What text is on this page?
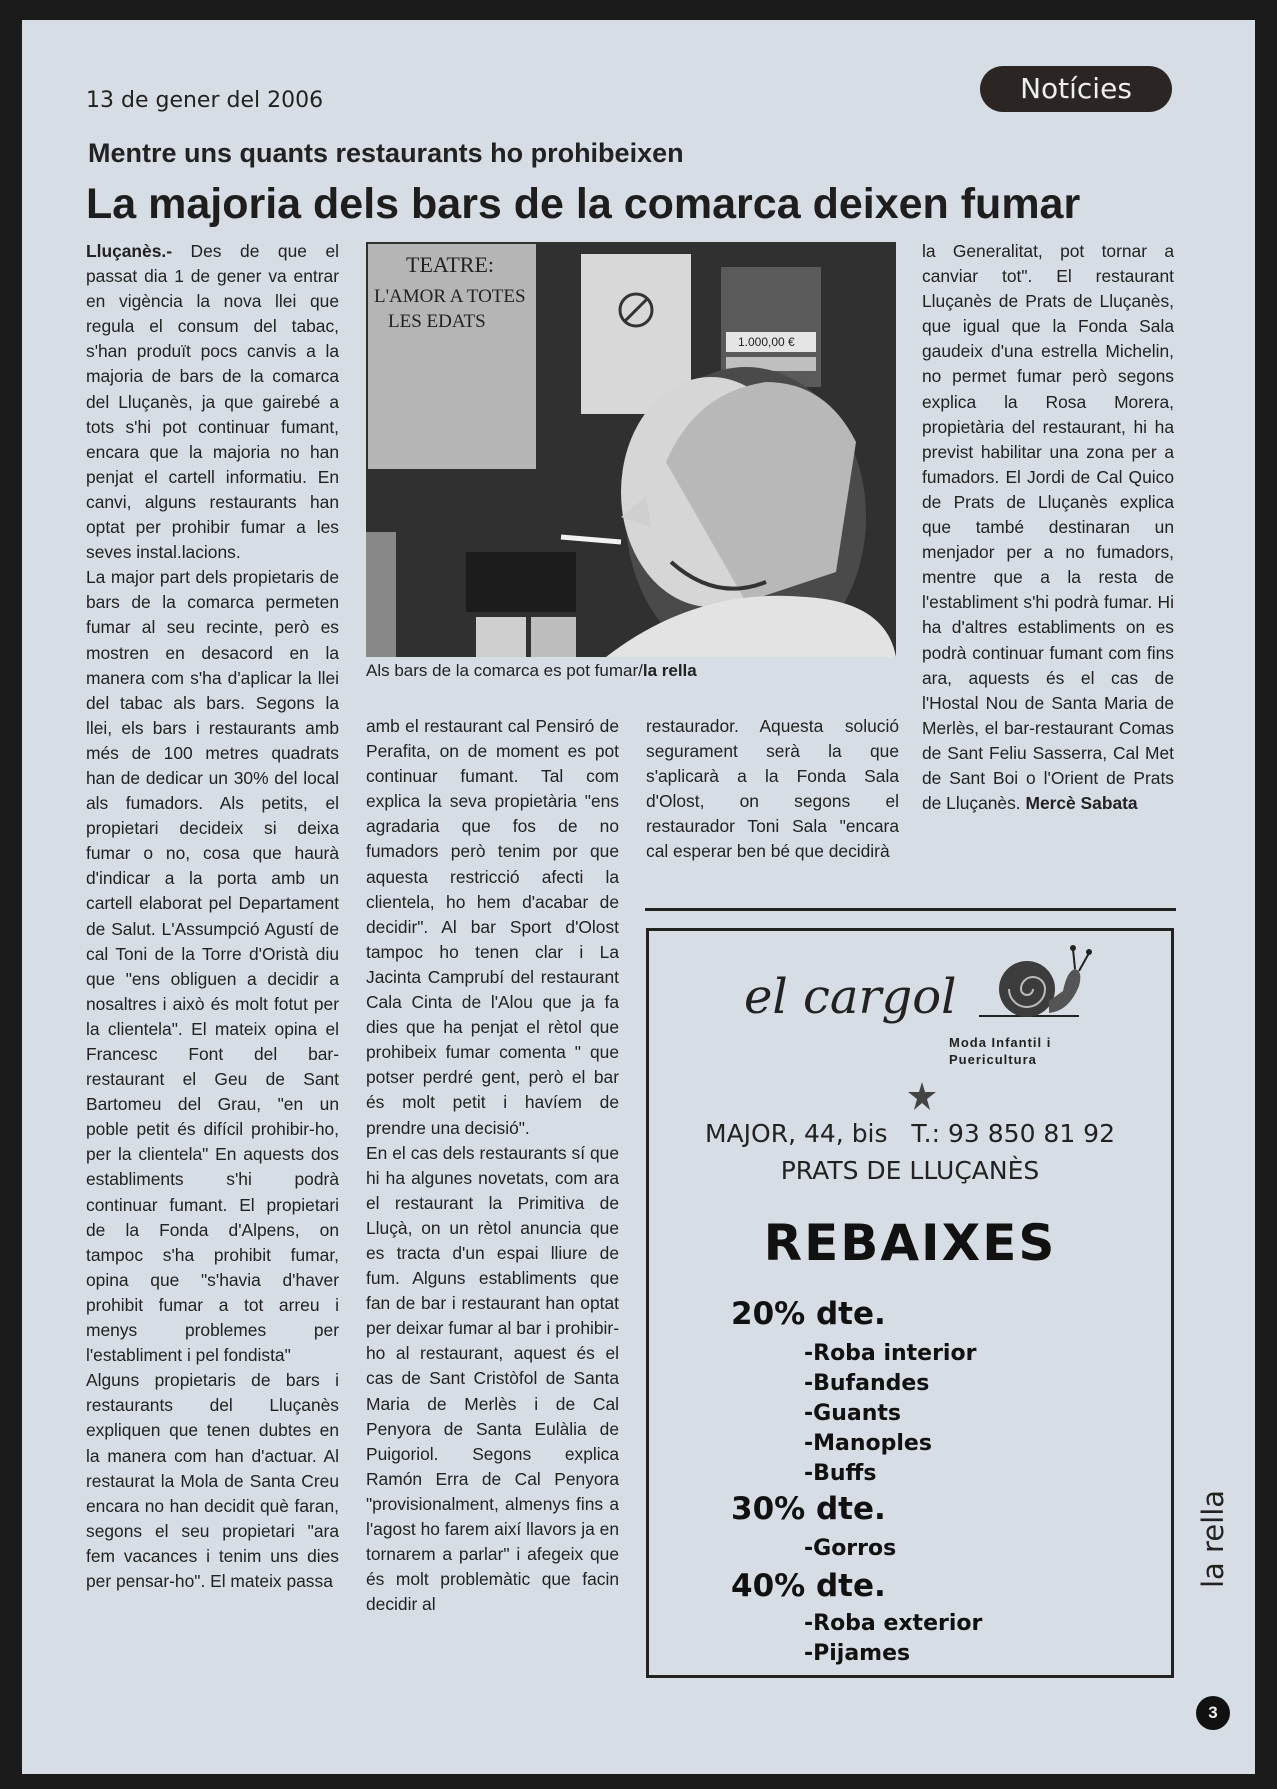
13 de gener del 2006	Notícies
Mentre uns quants restaurants ho prohibeixen
La majoria dels bars de la comarca deixen fumar

Lluçanès.- Des de que el passat dia 1 de gener va entrar en vigència la nova llei que regula el consum del tabac, s'han produït pocs canvis a la majoria de bars de la comarca del Lluçanès, ja que gairebé a tots s'hi pot continuar fumant, encara que la majoria no han penjat el cartell informatiu. En canvi, alguns restaurants han optat per prohibir fumar a les seves instal.lacions.

La major part dels propietaris de bars de la comarca permeten fumar al seu recinte, però es mostren en desacord en la manera com s'ha d'aplicar la llei del tabac als bars. Segons la llei, els bars i restaurants amb més de 100 metres quadrats han de dedicar un 30% del local als fumadors. Als petits, el propietari decideix si deixa fumar o no, cosa que haurà d'indicar a la porta amb un cartell elaborat pel Departament de Salut. L'Assumpció Agustí de cal Toni de la Torre d'Oristà diu que "ens obliguen a decidir a nosaltres i això és molt fotut per la clientela". El mateix opina el Francesc Font del bar-restaurant el Geu de Sant Bartomeu del Grau, "en un poble petit és difícil prohibir-ho, per la clientela" En aquests dos establiments s'hi podrà continuar fumant. El propietari de la Fonda d'Alpens, on tampoc s'ha prohibit fumar, opina que "s'havia d'haver prohibit fumar a tot arreu i menys problemes per l'establiment i pel fondista"

Alguns propietaris de bars i restaurants del Lluçanès expliquen que tenen dubtes en la manera com han d'actuar. Al restaurat la Mola de Santa Creu encara no han decidit què faran, segons el seu propietari "ara fem vacances i tenim uns dies per pensar-ho". El mateix passa

TEATRE:
L'AMOR A TOTES
LES EDATS
1.000,00 €
Als bars de la comarca es pot fumar/la rella

amb el restaurant cal Pensiró de Perafita, on de moment es pot continuar fumant. Tal com explica la seva propietària "ens agradaria que fos de no fumadors però tenim por que aquesta restricció afecti la clientela, ho hem d'acabar de decidir". Al bar Sport d'Olost tampoc ho tenen clar i La Jacinta Camprubí del restaurant Cala Cinta de l'Alou que ja fa dies que ha penjat el rètol que prohibeix fumar comenta " que potser perdré gent, però el bar és molt petit i havíem de prendre una decisió".

En el cas dels restaurants sí que hi ha algunes novetats, com ara el restaurant la Primitiva de Lluçà, on un rètol anuncia que es tracta d'un espai lliure de fum. Alguns establiments que fan de bar i restaurant han optat per deixar fumar al bar i prohibir-ho al restaurant, aquest és el cas de Sant Cristòfol de Santa Maria de Merlès i de Cal Penyora de Santa Eulàlia de Puigoriol. Segons explica Ramón Erra de Cal Penyora "provisionalment, almenys fins a l'agost ho farem així llavors ja en tornarem a parlar" i afegeix que és molt problemàtic que facin decidir al

restaurador. Aquesta solució segurament serà la que s'aplicarà a la Fonda Sala d'Olost, on segons el restaurador Toni Sala "encara cal esperar ben bé que decidirà

la Generalitat, pot tornar a canviar tot". El restaurant Lluçanès de Prats de Lluçanès, que igual que la Fonda Sala gaudeix d'una estrella Michelin, no permet fumar però segons explica la Rosa Morera, propietària del restaurant, hi ha previst habilitar una zona per a fumadors. El Jordi de Cal Quico de Prats de Lluçanès explica que també destinaran un menjador per a no fumadors, mentre que a la resta de l'establiment s'hi podrà fumar. Hi ha d'altres establiments on es podrà continuar fumant com fins ara, aquests és el cas de l'Hostal Nou de Santa Maria de Merlès, el bar-restaurant Comas de Sant Feliu Sasserra, Cal Met de Sant Boi o l'Orient de Prats de Lluçanès. Mercè Sabata

el cargol
Moda Infantil i
Puericultura
MAJOR, 44, bis   T.: 93 850 81 92
PRATS DE LLUÇANÈS
REBAIXES
20% dte.
-Roba interior
-Bufandes
-Guants
-Manoples
-Buffs
30% dte.
-Gorros
40% dte.
-Roba exterior
-Pijames
la rella
3
